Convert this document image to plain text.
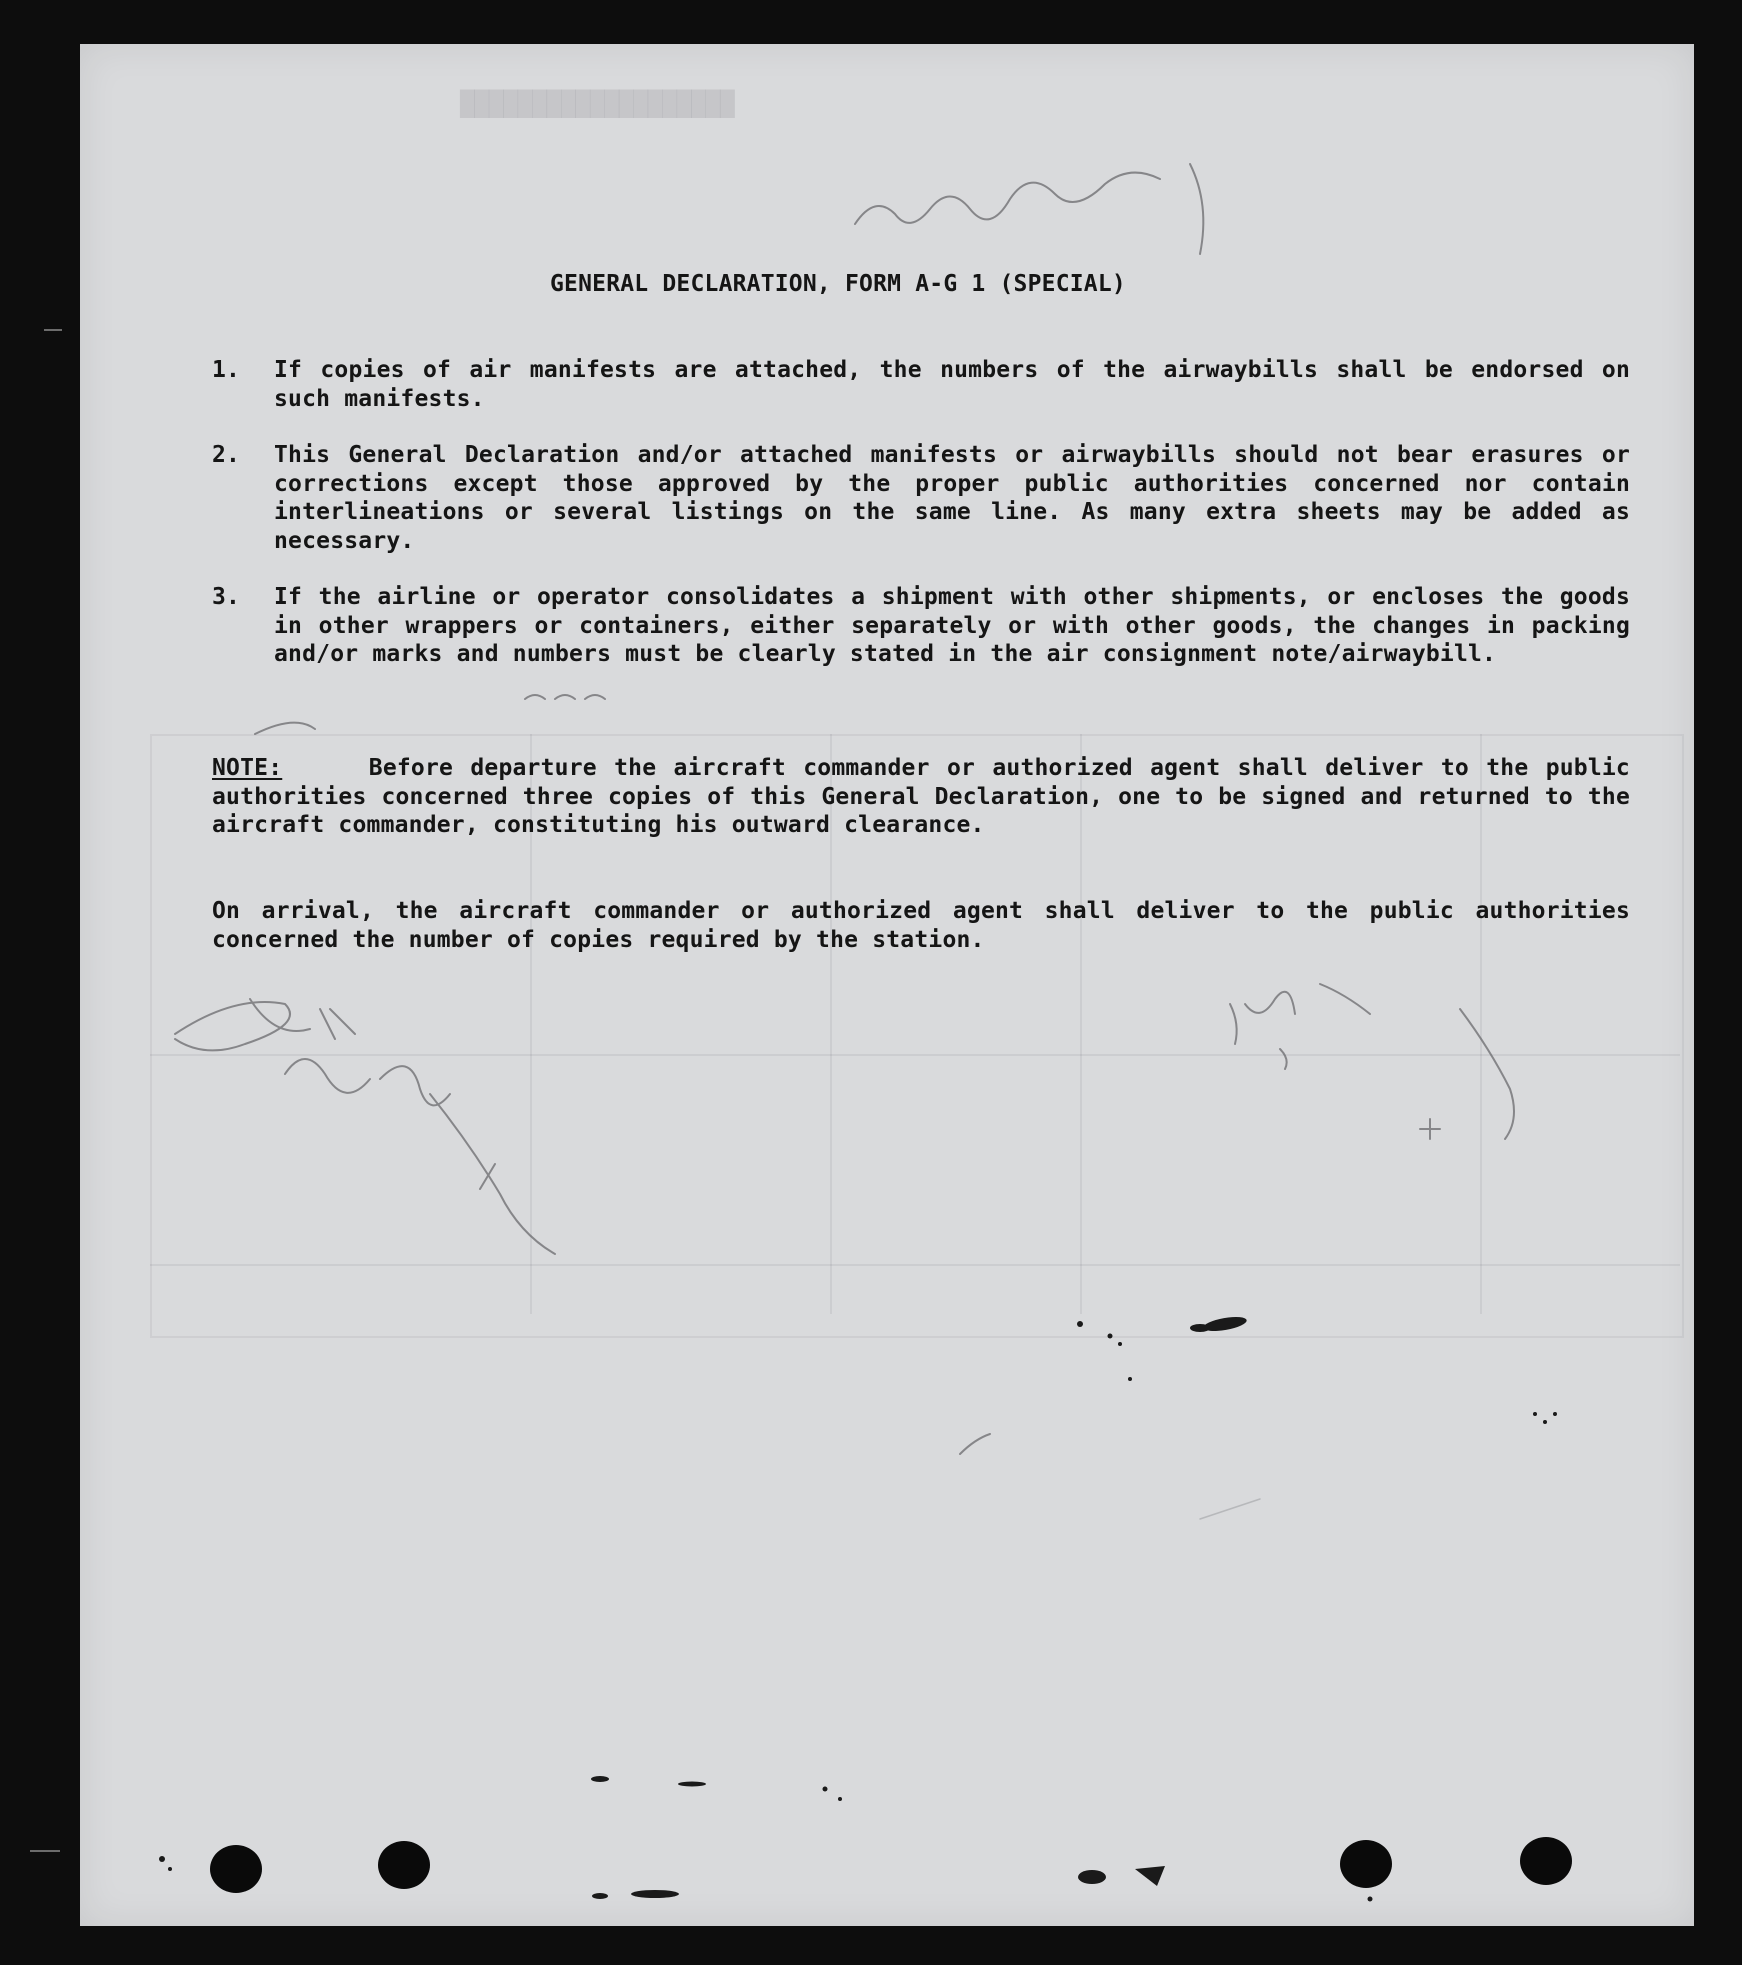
███████████████████
GENERAL DECLARATION, FORM A-G 1 (SPECIAL)
1.	If copies of air manifests are attached, the numbers of the airwaybills shall be endorsed on such manifests.
2.	This General Declaration and/or attached manifests or airwaybills should not bear erasures or corrections except those approved by the proper public authorities concerned nor contain interlineations or several listings on the same line. As many extra sheets may be added as necessary.
3.	If the airline or operator consolidates a shipment with other shipments, or encloses the goods in other wrappers or containers, either separately or with other goods, the changes in packing and/or marks and numbers must be clearly stated in the air consignment note/airwaybill.
NOTE:	Before departure the aircraft commander or authorized agent shall deliver to the public authorities concerned three copies of this General Declaration, one to be signed and returned to the aircraft commander, constituting his outward clearance.
On arrival, the aircraft commander or authorized agent shall deliver to the public authorities concerned the number of copies required by the station.
